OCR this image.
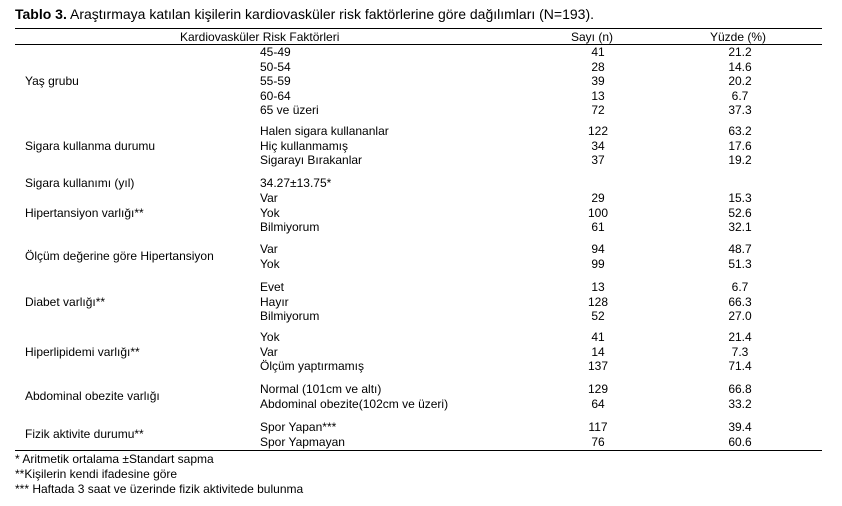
Tablo 3. Araştırmaya katılan kişilerin kardiovasküler risk faktörlerine göre dağılımları (N=193).
Kardiovasküler Risk Faktörleri	Sayı (n)	Yüzde (%)
Yaş grubu
45-49	41	21.2
50-54	28	14.6
55-59	39	20.2
60-64	13	6.7
65 ve üzeri	72	37.3
Sigara kullanma durumu
Halen sigara kullananlar	122	63.2
Hiç kullanmamış	34	17.6
Sigarayı Bırakanlar	37	19.2
Sigara kullanımı (yıl)	34.27±13.75*
Hipertansiyon varlığı**
Var	29	15.3
Yok	100	52.6
Bilmiyorum	61	32.1
Ölçüm değerine göre Hipertansiyon
Var	94	48.7
Yok	99	51.3
Diabet varlığı**
Evet	13	6.7
Hayır	128	66.3
Bilmiyorum	52	27.0
Hiperlipidemi varlığı**
Yok	41	21.4
Var	14	7.3
Ölçüm yaptırmamış	137	71.4
Abdominal obezite varlığı
Normal (101cm ve altı)	129	66.8
Abdominal obezite(102cm ve üzeri)	64	33.2
Fizik aktivite durumu**
Spor Yapan***	117	39.4
Spor Yapmayan	76	60.6
* Aritmetik ortalama ±Standart sapma
**Kişilerin kendi ifadesine göre
*** Haftada 3 saat ve üzerinde fizik aktivitede bulunma
